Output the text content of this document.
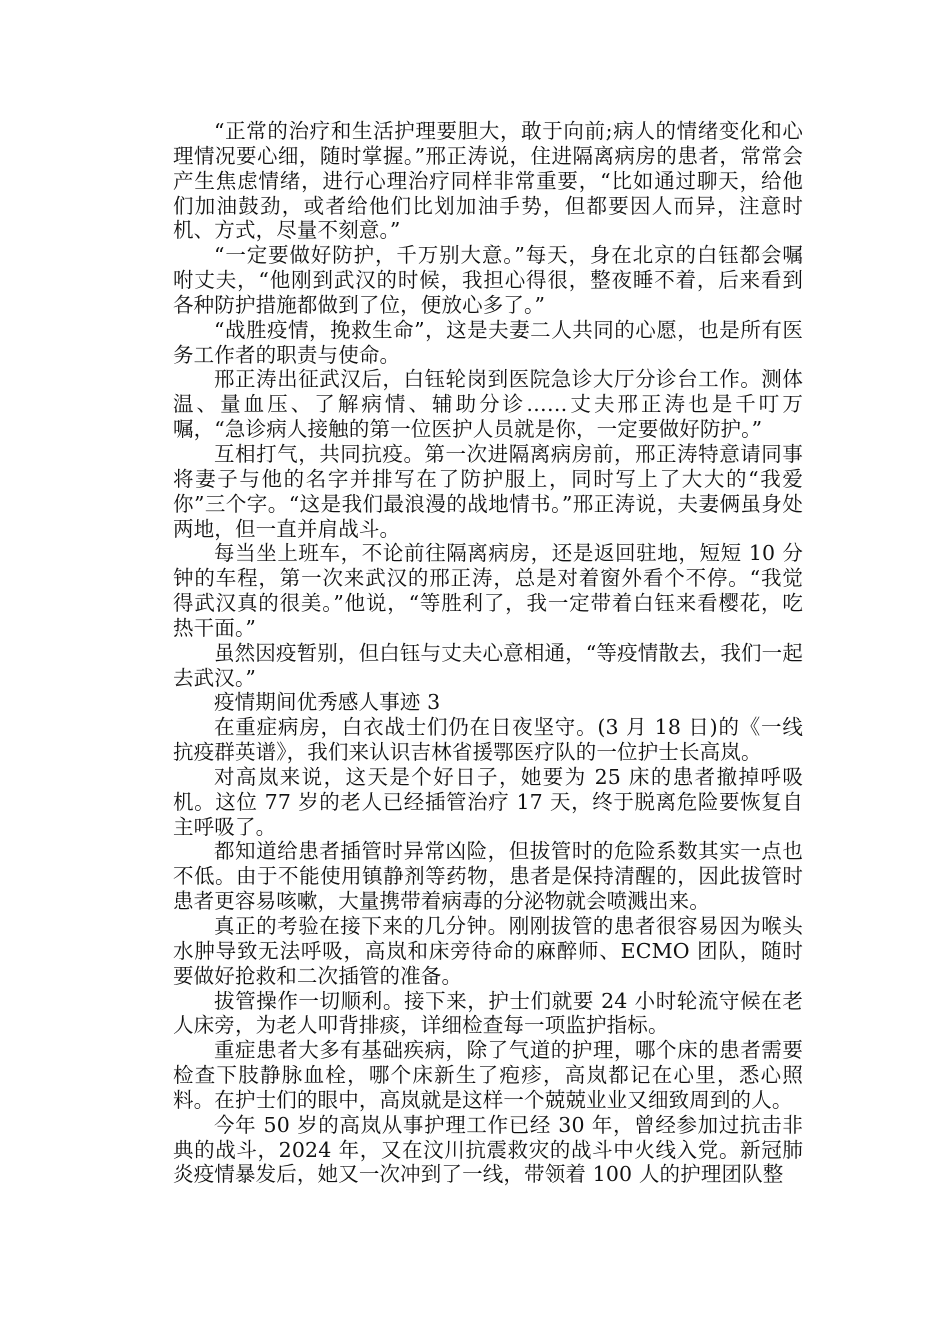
“正常的治疗和生活护理要胆大，敢于向前;病人的情绪变化和心理情况要心细，随时掌握。”邢正涛说，住进隔离病房的患者，常常会产生焦虑情绪，进行心理治疗同样非常重要，“比如通过聊天，给他们加油鼓劲，或者给他们比划加油手势，但都要因人而异，注意时机、方式，尽量不刻意。”

“一定要做好防护，千万别大意。”每天，身在北京的白钰都会嘱咐丈夫，“他刚到武汉的时候，我担心得很，整夜睡不着，后来看到各种防护措施都做到了位，便放心多了。”

“战胜疫情，挽救生命”，这是夫妻二人共同的心愿，也是所有医务工作者的职责与使命。

邢正涛出征武汉后，白钰轮岗到医院急诊大厅分诊台工作。测体温、量血压、了解病情、辅助分诊……丈夫邢正涛也是千叮万嘱，“急诊病人接触的第一位医护人员就是你，一定要做好防护。”

互相打气，共同抗疫。第一次进隔离病房前，邢正涛特意请同事将妻子与他的名字并排写在了防护服上，同时写上了大大的“我爱你”三个字。“这是我们最浪漫的战地情书。”邢正涛说，夫妻俩虽身处两地，但一直并肩战斗。

每当坐上班车，不论前往隔离病房，还是返回驻地，短短 10 分钟的车程，第一次来武汉的邢正涛，总是对着窗外看个不停。“我觉得武汉真的很美。”他说，“等胜利了，我一定带着白钰来看樱花，吃热干面。”

虽然因疫暂别，但白钰与丈夫心意相通，“等疫情散去，我们一起去武汉。”

疫情期间优秀感人事迹 3

在重症病房，白衣战士们仍在日夜坚守。(3 月 18 日)的《一线抗疫群英谱》，我们来认识吉林省援鄂医疗队的一位护士长高岚。

对高岚来说，这天是个好日子，她要为 25 床的患者撤掉呼吸机。这位 77 岁的老人已经插管治疗 17 天，终于脱离危险要恢复自主呼吸了。

都知道给患者插管时异常凶险，但拔管时的危险系数其实一点也不低。由于不能使用镇静剂等药物，患者是保持清醒的，因此拔管时患者更容易咳嗽，大量携带着病毒的分泌物就会喷溅出来。

真正的考验在接下来的几分钟。刚刚拔管的患者很容易因为喉头水肿导致无法呼吸，高岚和床旁待命的麻醉师、ECMO 团队，随时要做好抢救和二次插管的准备。

拔管操作一切顺利。接下来，护士们就要 24 小时轮流守候在老人床旁，为老人叩背排痰，详细检查每一项监护指标。

重症患者大多有基础疾病，除了气道的护理，哪个床的患者需要检查下肢静脉血栓，哪个床新生了疱疹，高岚都记在心里，悉心照料。在护士们的眼中，高岚就是这样一个兢兢业业又细致周到的人。

今年 50 岁的高岚从事护理工作已经 30 年，曾经参加过抗击非典的战斗，2024 年，又在汶川抗震救灾的战斗中火线入党。新冠肺炎疫情暴发后，她又一次冲到了一线，带领着 100 人的护理团队整
